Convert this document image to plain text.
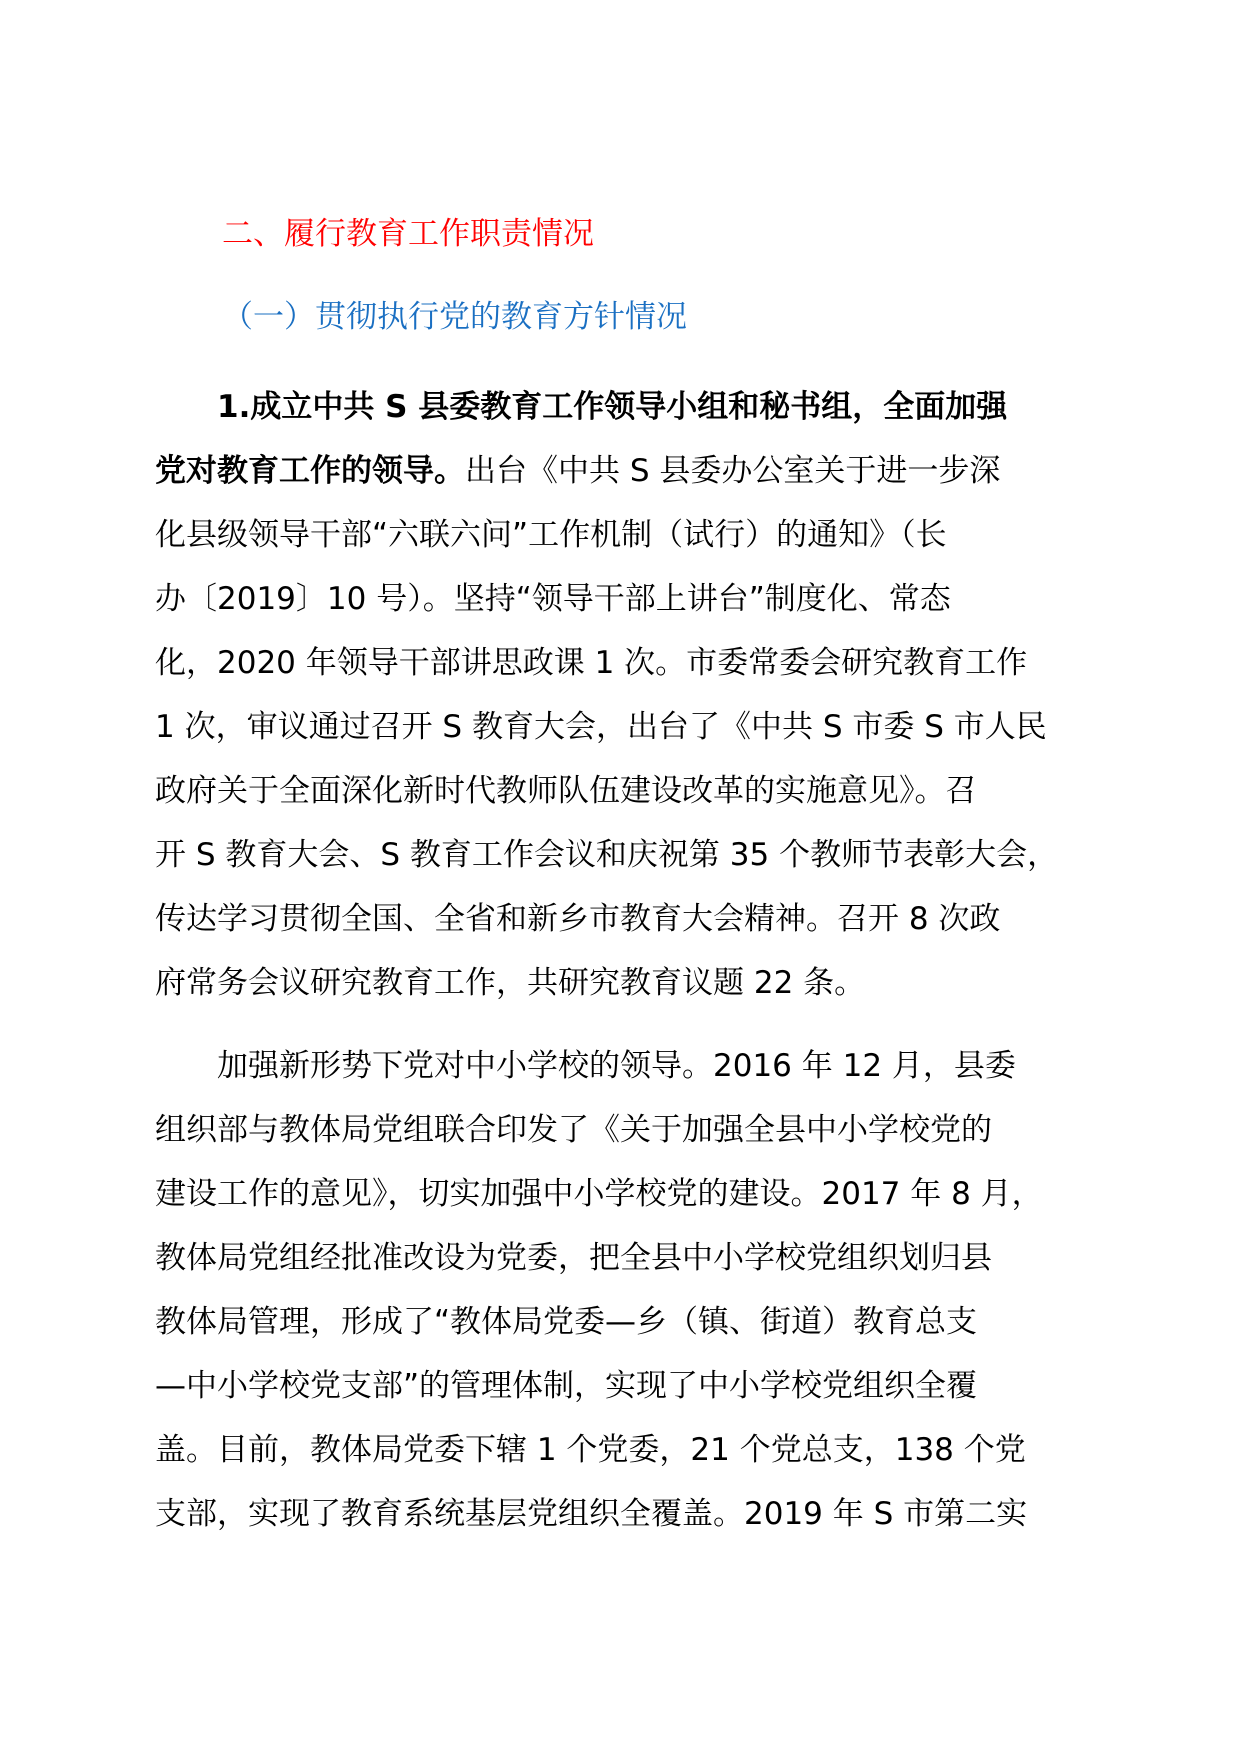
二、履行教育工作职责情况
（一）贯彻执行党的教育方针情况
1.成立中共 S 县委教育工作领导小组和秘书组，全面加强
党对教育工作的领导。出台《中共 S 县委办公室关于进一步深
化县级领导干部“六联六问”工作机制（试行）的通知》（长
办〔2019〕10 号）。坚持“领导干部上讲台”制度化、常态
化，2020 年领导干部讲思政课 1 次。市委常委会研究教育工作
1 次，审议通过召开 S 教育大会，出台了《中共 S 市委 S 市人民
政府关于全面深化新时代教师队伍建设改革的实施意见》。召
开 S 教育大会、S 教育工作会议和庆祝第 35 个教师节表彰大会，
传达学习贯彻全国、全省和新乡市教育大会精神。召开 8 次政
府常务会议研究教育工作，共研究教育议题 22 条。
　　加强新形势下党对中小学校的领导。2016 年 12 月，县委
组织部与教体局党组联合印发了《关于加强全县中小学校党的
建设工作的意见》，切实加强中小学校党的建设。2017 年 8 月，
教体局党组经批准改设为党委，把全县中小学校党组织划归县
教体局管理，形成了“教体局党委—乡（镇、街道）教育总支
—中小学校党支部”的管理体制，实现了中小学校党组织全覆
盖。目前，教体局党委下辖 1 个党委，21 个党总支，138 个党
支部，实现了教育系统基层党组织全覆盖。2019 年 S 市第二实
